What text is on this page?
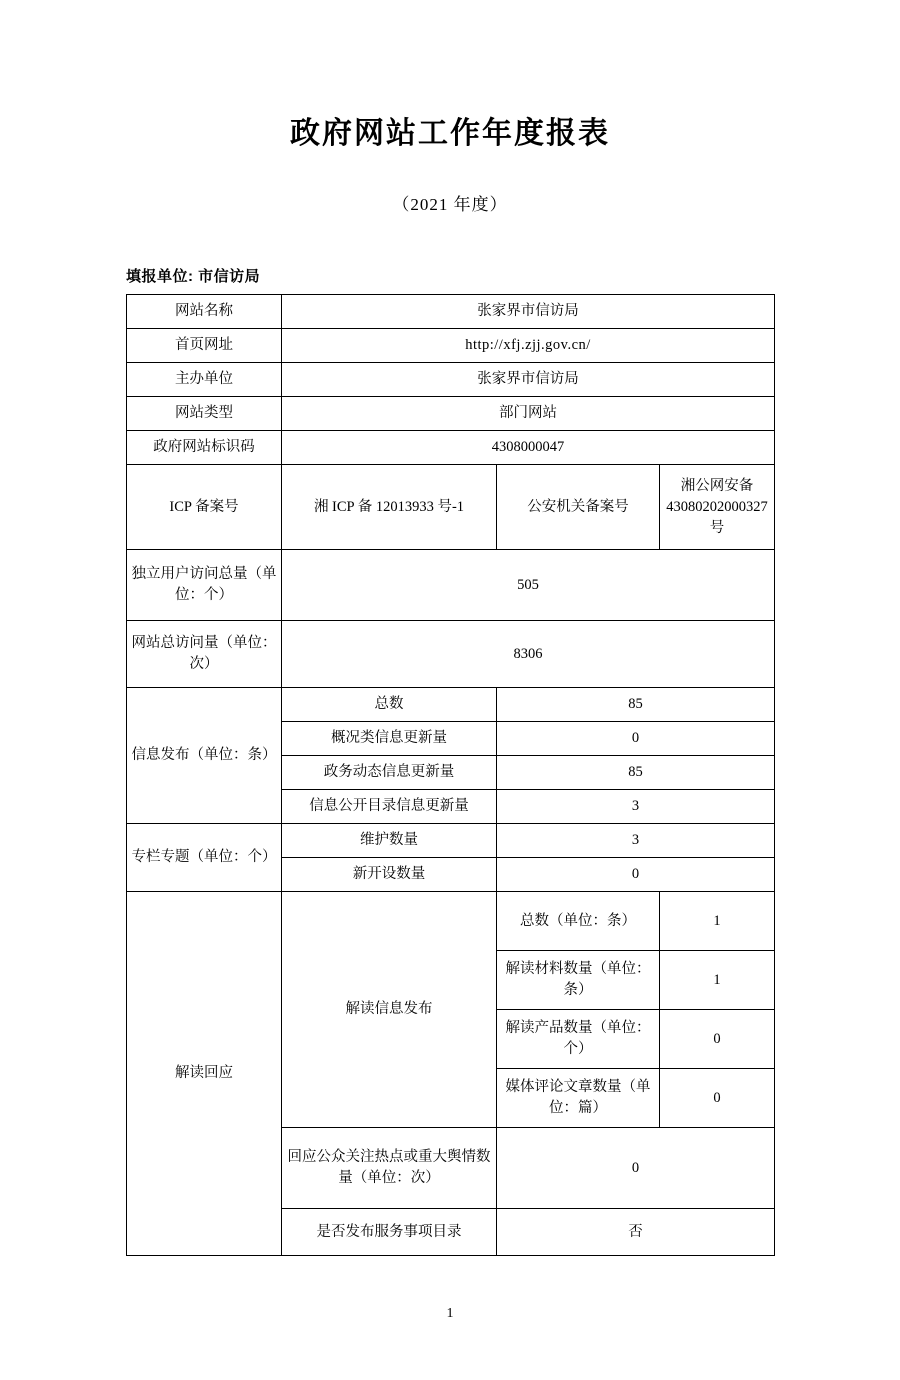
政府网站工作年度报表
（2021 年度）
填报单位: 市信访局
网站名称	张家界市信访局		
首页网址	http://xfj.zjj.gov.cn/		
主办单位	张家界市信访局		
网站类型	部门网站		
政府网站标识码	4308000047		
ICP 备案号	湘 ICP 备 12013933 号-1	公安机关备案号	湘公网安备 43080202000327 号
独立用户访问总量（单位：个）	505		
网站总访问量（单位：次）	8306		
信息发布（单位：条）	总数	85	
	概况类信息更新量	0	
	政务动态信息更新量	85	
	信息公开目录信息更新量	3	
专栏专题（单位：个）	维护数量	3	
	新开设数量	0	
解读回应	解读信息发布	总数（单位：条）	1
		解读材料数量（单位：条）	1
		解读产品数量（单位：个）	0
		媒体评论文章数量（单位：篇）	0
	回应公众关注热点或重大舆情数量（单位：次）	0	
	是否发布服务事项目录	否	
1
